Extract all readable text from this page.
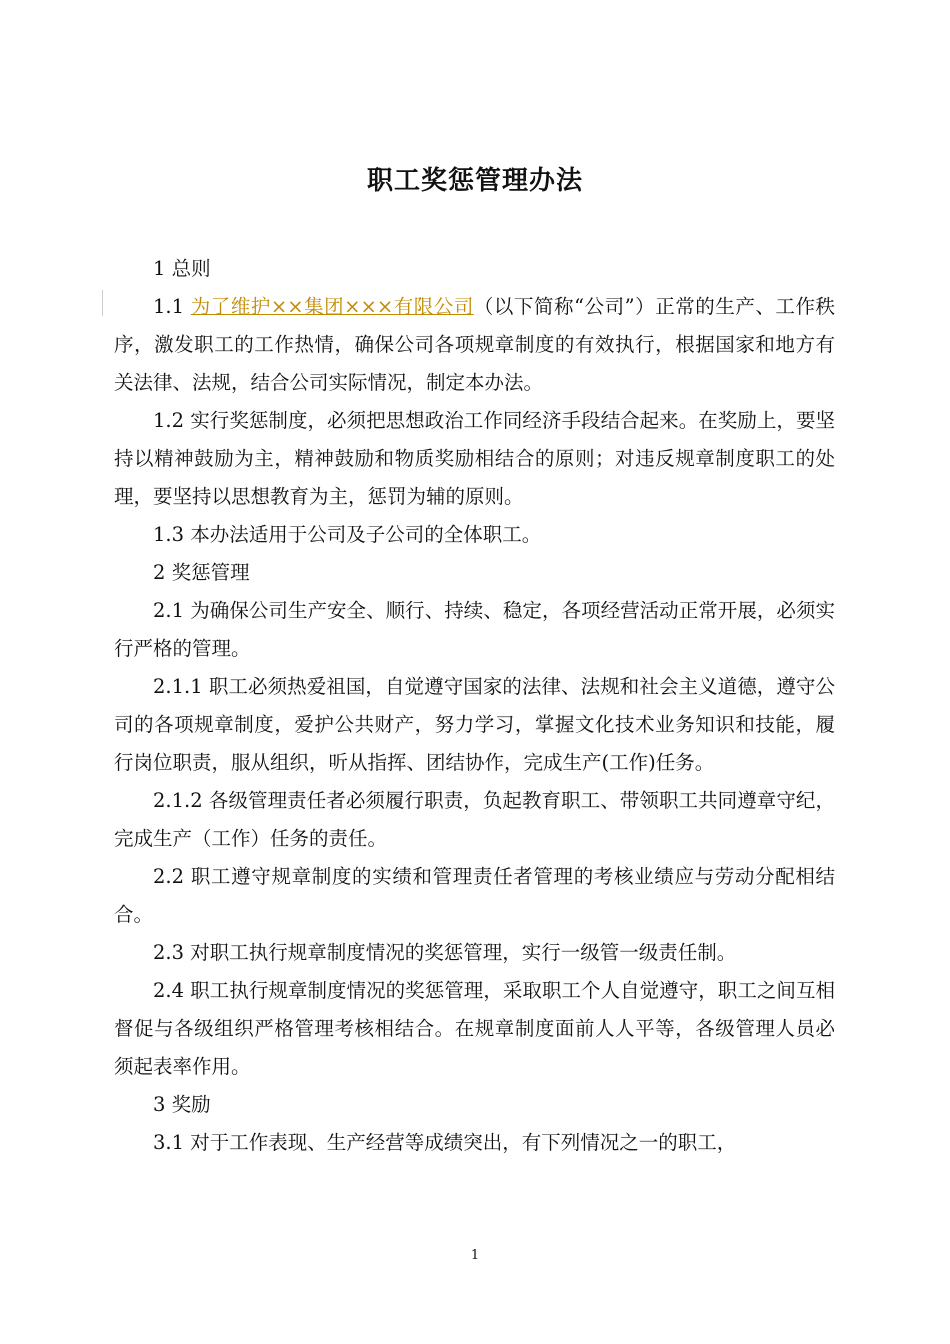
职工奖惩管理办法

1 总则

1.1 为了维护××集团×××有限公司（以下简称“公司”）正常的生产、工作秩序，激发职工的工作热情，确保公司各项规章制度的有效执行，根据国家和地方有关法律、法规，结合公司实际情况，制定本办法。

1.2 实行奖惩制度，必须把思想政治工作同经济手段结合起来。在奖励上，要坚持以精神鼓励为主，精神鼓励和物质奖励相结合的原则；对违反规章制度职工的处理，要坚持以思想教育为主，惩罚为辅的原则。

1.3 本办法适用于公司及子公司的全体职工。

2 奖惩管理

2.1 为确保公司生产安全、顺行、持续、稳定，各项经营活动正常开展，必须实行严格的管理。

2.1.1 职工必须热爱祖国，自觉遵守国家的法律、法规和社会主义道德，遵守公司的各项规章制度，爱护公共财产，努力学习，掌握文化技术业务知识和技能，履行岗位职责，服从组织，听从指挥、团结协作，完成生产(工作)任务。

2.1.2 各级管理责任者必须履行职责，负起教育职工、带领职工共同遵章守纪，完成生产（工作）任务的责任。

2.2 职工遵守规章制度的实绩和管理责任者管理的考核业绩应与劳动分配相结合。

2.3 对职工执行规章制度情况的奖惩管理，实行一级管一级责任制。

2.4 职工执行规章制度情况的奖惩管理，采取职工个人自觉遵守，职工之间互相督促与各级组织严格管理考核相结合。在规章制度面前人人平等，各级管理人员必须起表率作用。

3 奖励

3.1 对于工作表现、生产经营等成绩突出，有下列情况之一的职工，

1
